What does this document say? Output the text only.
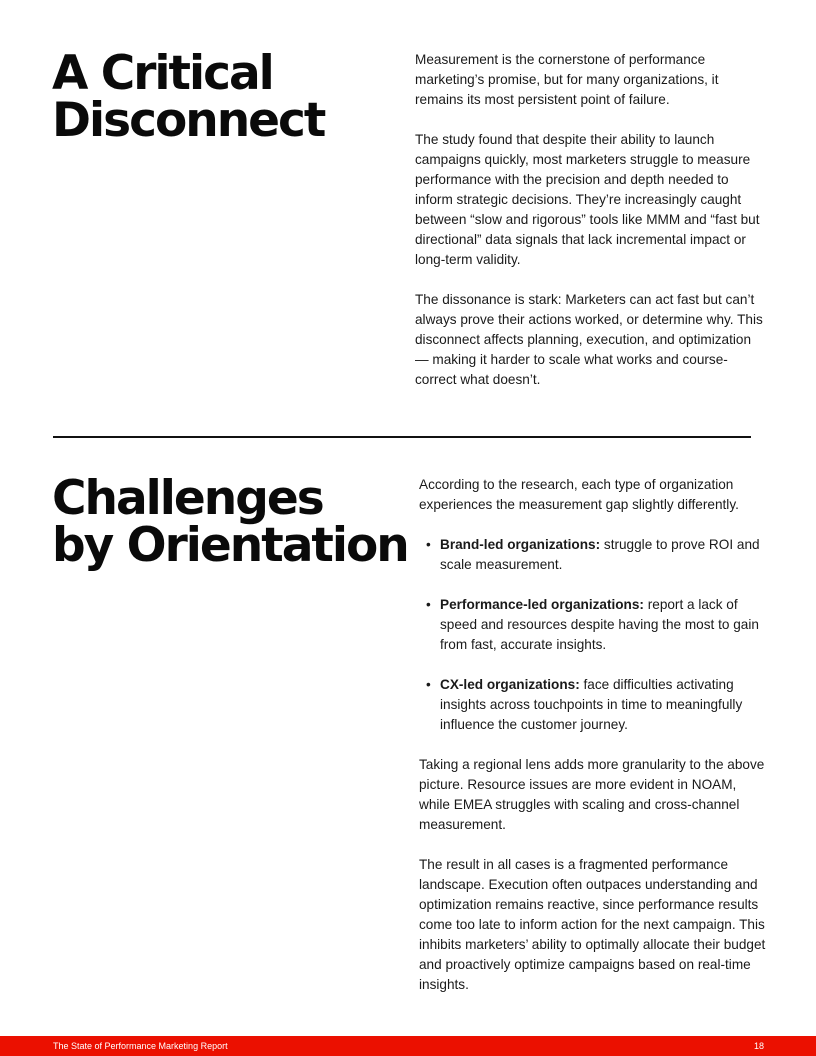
A Critical
Disconnect

Measurement is the cornerstone of performance marketing’s promise, but for many organizations, it remains its most persistent point of failure.

The study found that despite their ability to launch campaigns quickly, most marketers struggle to measure performance with the precision and depth needed to inform strategic decisions. They’re increasingly caught between “slow and rigorous” tools like MMM and “fast but directional” data signals that lack incremental impact or long-term validity.

The dissonance is stark: Marketers can act fast but can’t always prove their actions worked, or determine why. This disconnect affects planning, execution, and optimization — making it harder to scale what works and course-correct what doesn’t.

Challenges
by Orientation

According to the research, each type of organization experiences the measurement gap slightly differently.

• Brand-led organizations: struggle to prove ROI and scale measurement.
• Performance-led organizations: report a lack of speed and resources despite having the most to gain from fast, accurate insights.
• CX-led organizations: face difficulties activating insights across touchpoints in time to meaningfully influence the customer journey.

Taking a regional lens adds more granularity to the above picture. Resource issues are more evident in NOAM, while EMEA struggles with scaling and cross-channel measurement.

The result in all cases is a fragmented performance landscape. Execution often outpaces understanding and optimization remains reactive, since performance results come too late to inform action for the next campaign. This inhibits marketers’ ability to optimally allocate their budget and proactively optimize campaigns based on real-time insights.

The State of Performance Marketing Report	18
